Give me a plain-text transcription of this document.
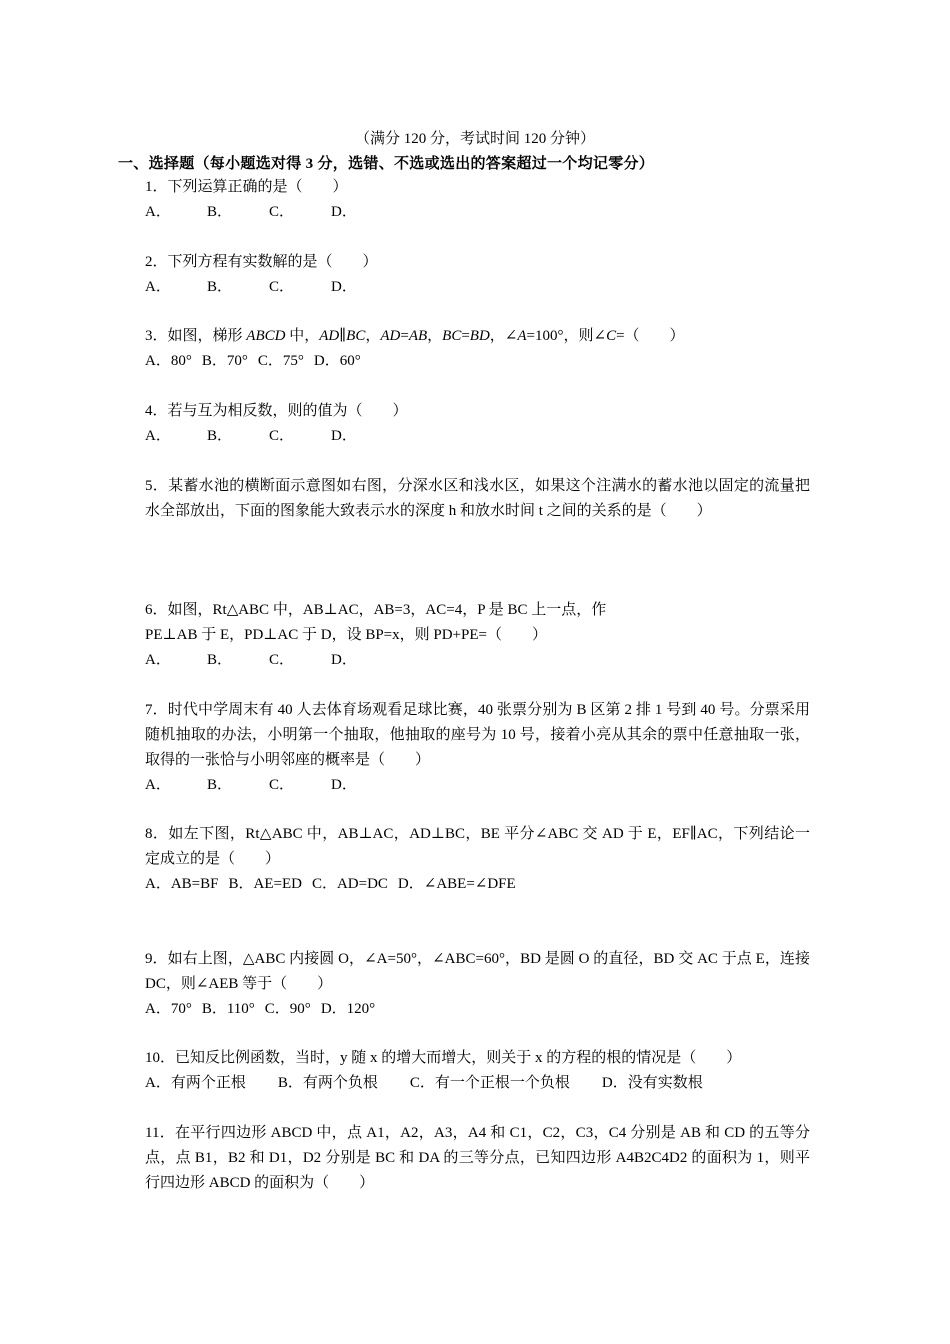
（满分 120 分，考试时间 120 分钟）
一、选择题（每小题选对得 3 分，选错、不选或选出的答案超过一个均记零分）

1．下列运算正确的是（　　）

A． B． C． D．

2．下列方程有实数解的是（　　）

A． B． C． D．

3．如图，梯形 ABCD 中，AD∥BC，AD=AB，BC=BD，∠A=100°，则∠C=（　　）

A．80° B．70° C．75° D．60°

4．若与互为相反数，则的值为（　　）

A． B． C． D．

5．某蓄水池的横断面示意图如右图，分深水区和浅水区，如果这个注满水的蓄水池以固定的流量把水全部放出，下面的图象能大致表示水的深度 h 和放水时间 t 之间的关系的是（　　）

6．如图，Rt△ABC 中，AB⊥AC，AB=3，AC=4，P 是 BC 上一点，作

PE⊥AB 于 E，PD⊥AC 于 D，设 BP=x，则 PD+PE=（　　）

A． B． C． D．

7．时代中学周末有 40 人去体育场观看足球比赛，40 张票分别为 B 区第 2 排 1 号到 40 号。分票采用随机抽取的办法，小明第一个抽取，他抽取的座号为 10 号，接着小亮从其余的票中任意抽取一张，取得的一张恰与小明邻座的概率是（　　）

A． B． C． D．

8．如左下图，Rt△ABC 中，AB⊥AC，AD⊥BC，BE 平分∠ABC 交 AD 于 E，EF∥AC，下列结论一定成立的是（　　）

A．AB=BF B．AE=ED C．AD=DC D．∠ABE=∠DFE

9．如右上图，△ABC 内接圆 O，∠A=50°，∠ABC=60°，BD 是圆 O 的直径，BD 交 AC 于点 E，连接 DC，则∠AEB 等于（　　）

A．70° B．110° C．90° D．120°

10．已知反比例函数，当时，y 随 x 的增大而增大，则关于 x 的方程的根的情况是（　　）

A．有两个正根 B．有两个负根 C．有一个正根一个负根 D．没有实数根

11．在平行四边形 ABCD 中，点 A1，A2，A3，A4 和 C1，C2，C3，C4 分别是 AB 和 CD 的五等分点，点 B1，B2 和 D1，D2 分别是 BC 和 DA 的三等分点，已知四边形 A4B2C4D2 的面积为 1，则平行四边形 ABCD 的面积为（　　）
